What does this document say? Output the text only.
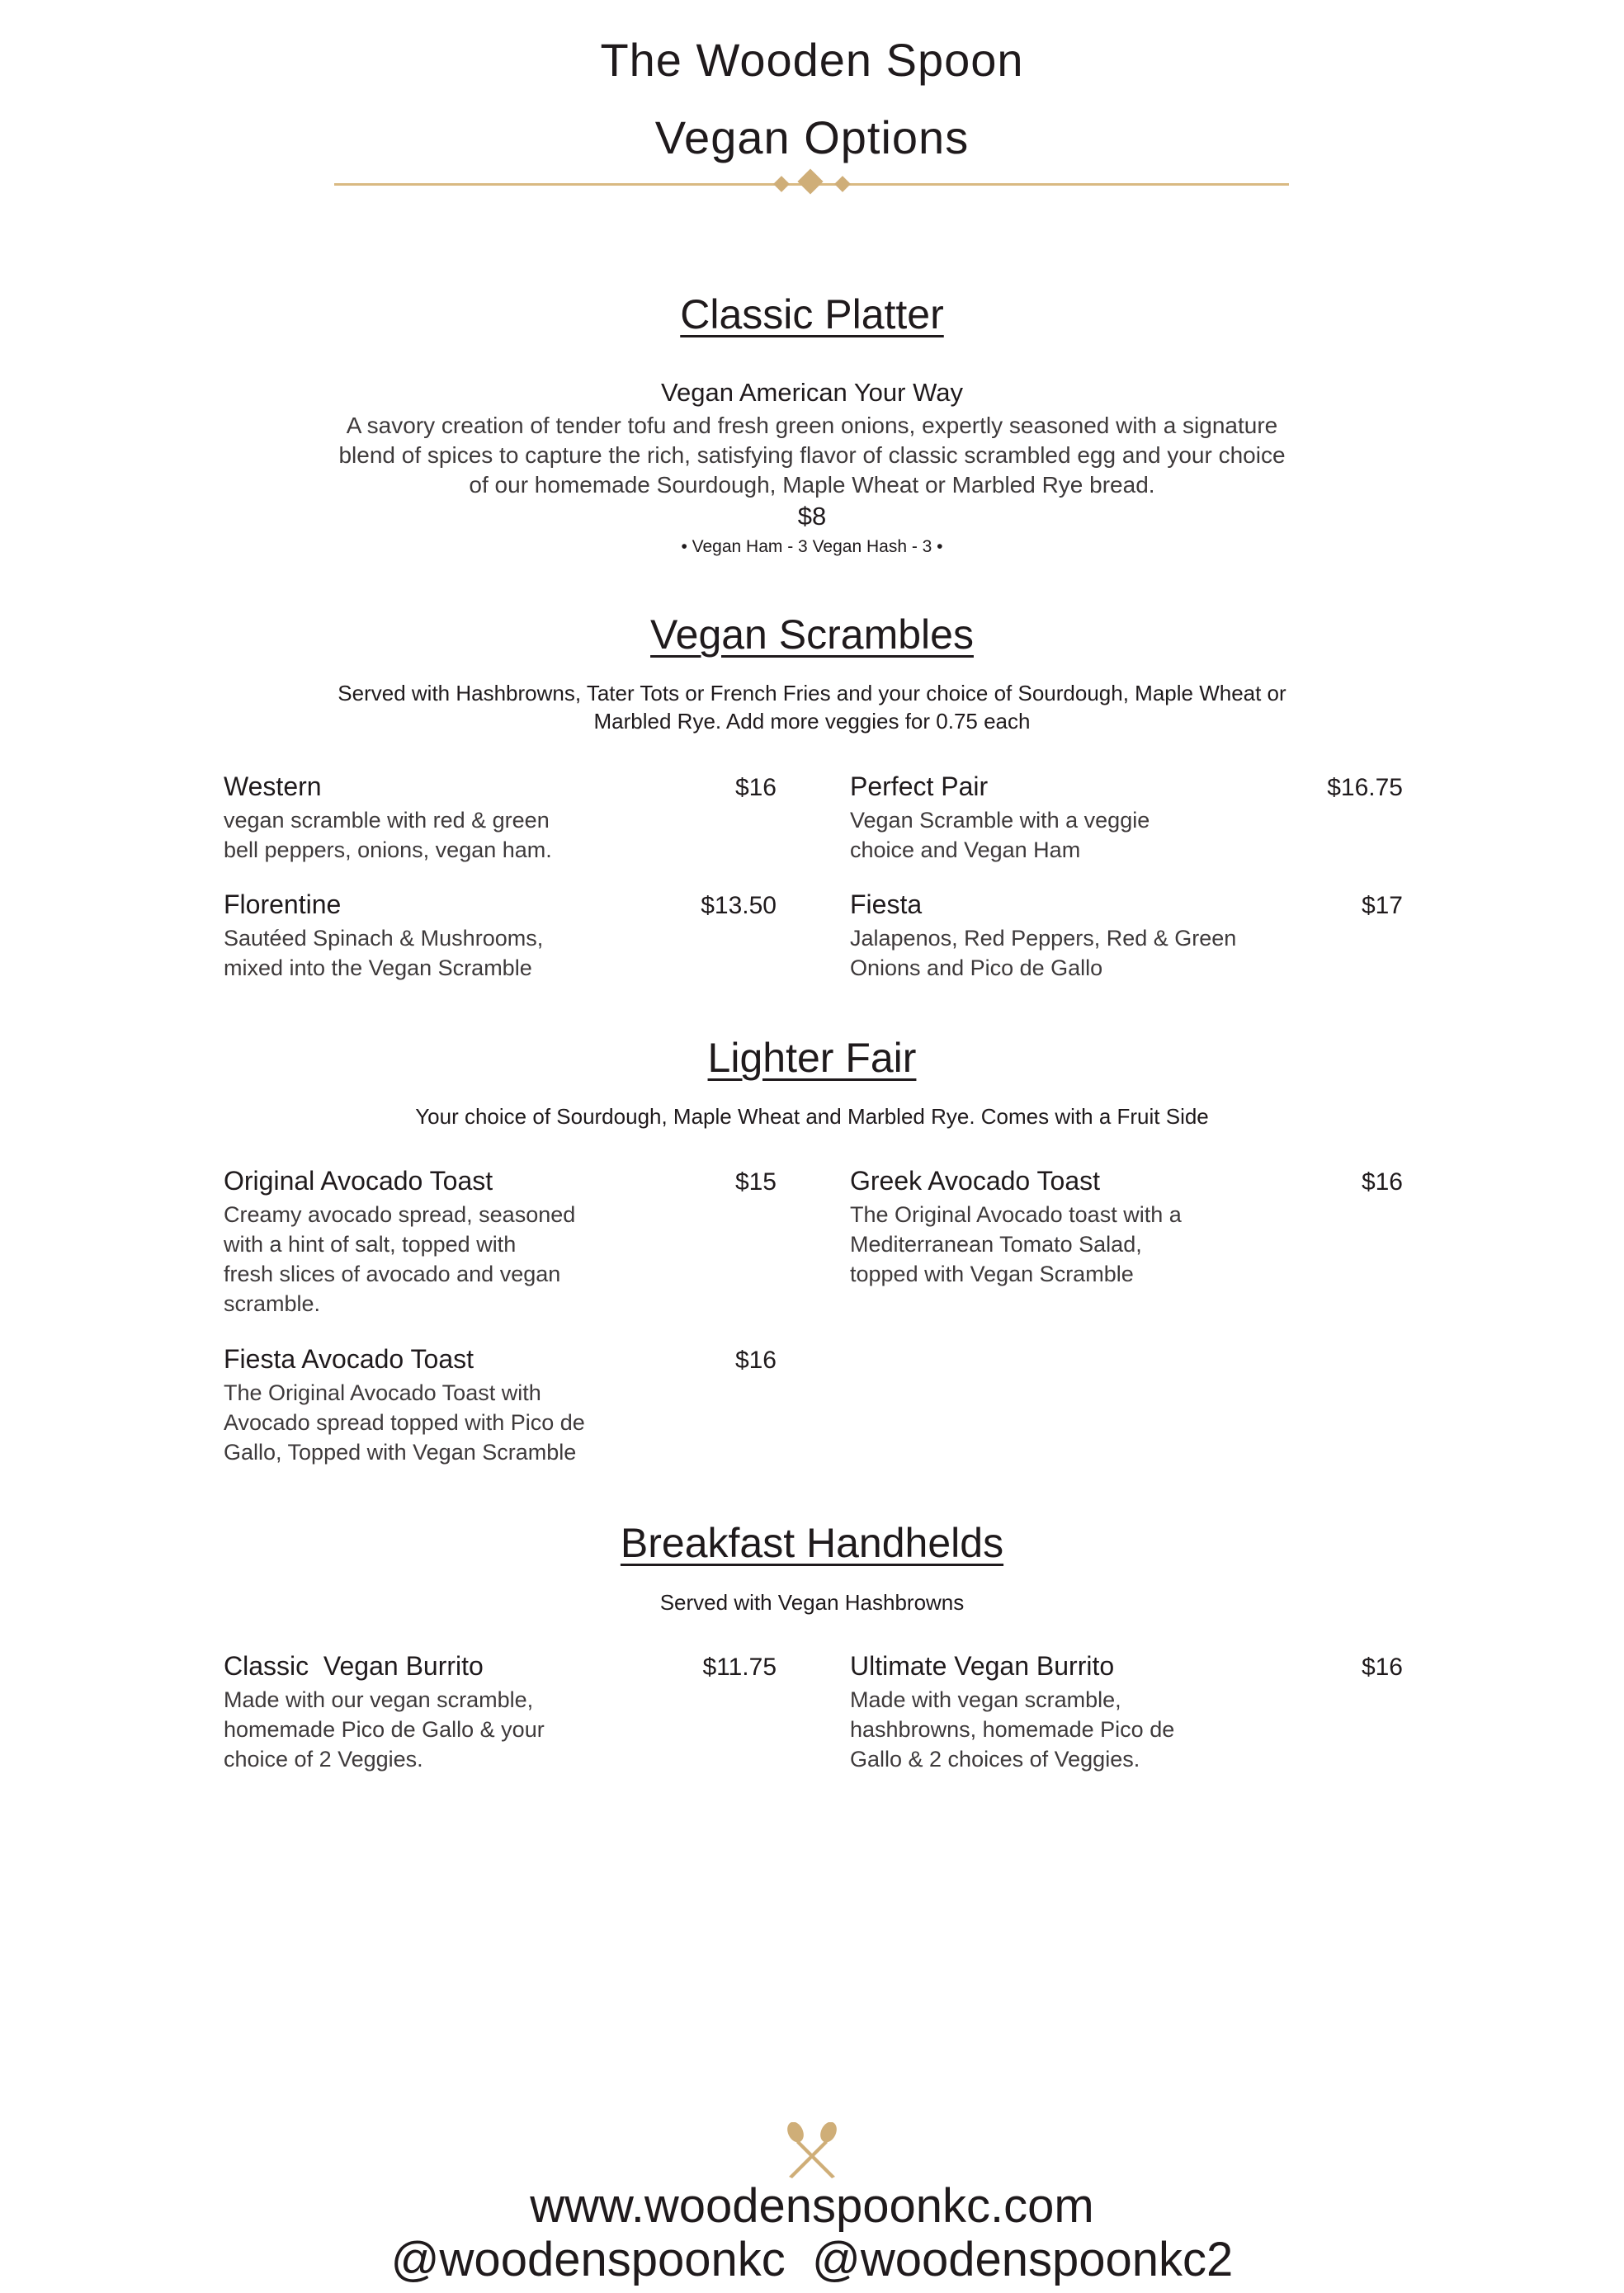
The Wooden Spoon
Vegan Options
Classic Platter
Vegan American Your Way
A savory creation of tender tofu and fresh green onions, expertly seasoned with a signature
blend of spices to capture the rich, satisfying flavor of classic scrambled egg and your choice
of our homemade Sourdough, Maple Wheat or Marbled Rye bread.
$8
• Vegan Ham - 3 Vegan Hash - 3 •
Vegan Scrambles
Served with Hashbrowns, Tater Tots or French Fries and your choice of Sourdough, Maple Wheat or
Marbled Rye. Add more veggies for 0.75 each
Western	$16
vegan scramble with red & green
bell peppers, onions, vegan ham.
Perfect Pair	$16.75
Vegan Scramble with a veggie
choice and Vegan Ham
Florentine	$13.50
Sautéed Spinach & Mushrooms,
mixed into the Vegan Scramble
Fiesta	$17
Jalapenos, Red Peppers, Red & Green
Onions and Pico de Gallo
Lighter Fair
Your choice of Sourdough, Maple Wheat and Marbled Rye. Comes with a Fruit Side
Original Avocado Toast	$15
Creamy avocado spread, seasoned
with a hint of salt, topped with
fresh slices of avocado and vegan
scramble.
Greek Avocado Toast	$16
The Original Avocado toast with a
Mediterranean Tomato Salad,
topped with Vegan Scramble
Fiesta Avocado Toast	$16
The Original Avocado Toast with
Avocado spread topped with Pico de
Gallo, Topped with Vegan Scramble
Breakfast Handhelds
Served with Vegan Hashbrowns
Classic  Vegan Burrito	$11.75
Made with our vegan scramble,
homemade Pico de Gallo & your
choice of 2 Veggies.
Ultimate Vegan Burrito	$16
Made with vegan scramble,
hashbrowns, homemade Pico de
Gallo & 2 choices of Veggies.
www.woodenspoonkc.com
@woodenspoonkc  @woodenspoonkc2
